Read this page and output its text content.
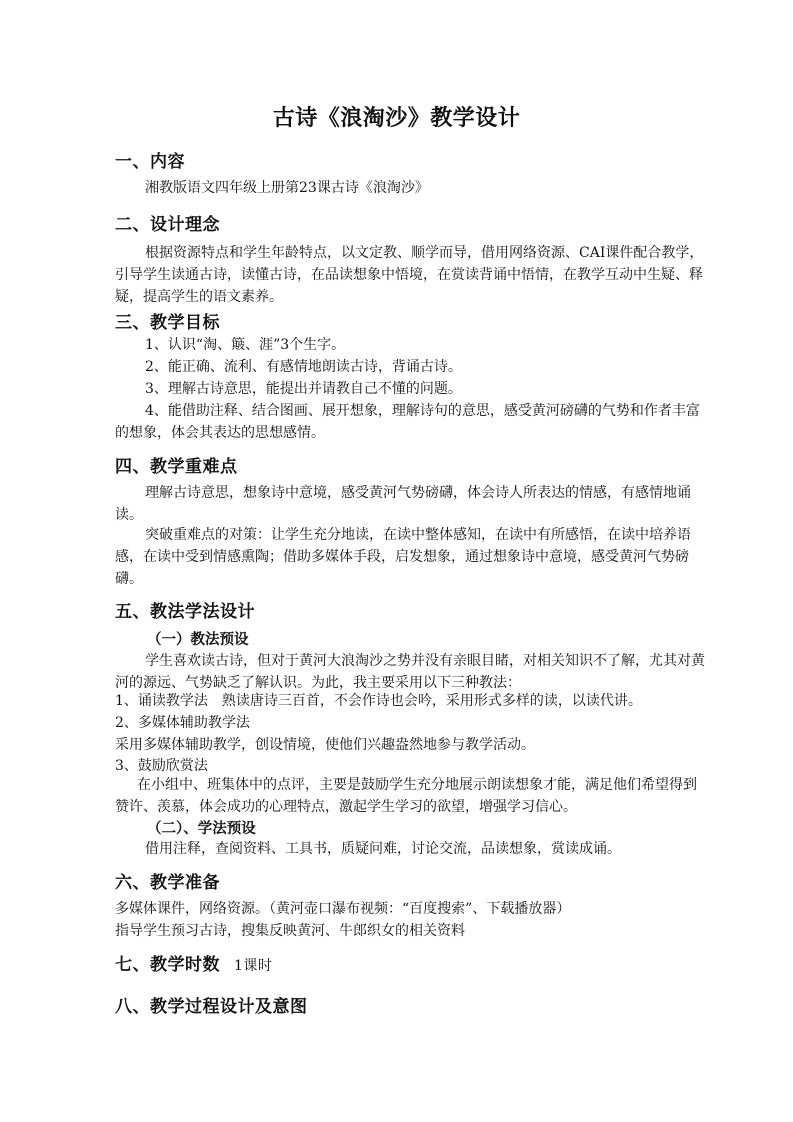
古诗《浪淘沙》教学设计
一、内容
湘教版语文四年级上册第23课古诗《浪淘沙》
二、设计理念
根据资源特点和学生年龄特点，以文定教、顺学而导，借用网络资源、CAI课件配合教学，引导学生读通古诗，读懂古诗，在品读想象中悟境，在赏读背诵中悟情，在教学互动中生疑、释疑，提高学生的语文素养。
三、教学目标
1、认识“淘、簸、涯”3个生字。
2、能正确、流利、有感情地朗读古诗，背诵古诗。
3、理解古诗意思，能提出并请教自己不懂的问题。
4、能借助注释、结合图画、展开想象，理解诗句的意思，感受黄河磅礴的气势和作者丰富的想象，体会其表达的思想感情。
四、教学重难点
理解古诗意思，想象诗中意境，感受黄河气势磅礴，体会诗人所表达的情感，有感情地诵读。
突破重难点的对策：让学生充分地读，在读中整体感知，在读中有所感悟，在读中培养语感，在读中受到情感熏陶；借助多媒体手段，启发想象，通过想象诗中意境，感受黄河气势磅礴。
五、教法学法设计
（一）教法预设
学生喜欢读古诗，但对于黄河大浪淘沙之势并没有亲眼目睹，对相关知识不了解，尤其对黄河的源远、气势缺乏了解认识。为此，我主要采用以下三种教法：
1、诵读教学法　熟读唐诗三百首，不会作诗也会吟，采用形式多样的读，以读代讲。
2、多媒体辅助教学法
采用多媒体辅助教学，创设情境，使他们兴趣盎然地参与教学活动。
3、鼓励欣赏法
在小组中、班集体中的点评，主要是鼓励学生充分地展示朗读想象才能，满足他们希望得到赞许、羡慕，体会成功的心理特点，激起学生学习的欲望，增强学习信心。
（二）、学法预设
借用注释，查阅资料、工具书，质疑问难，讨论交流，品读想象，赏读成诵。
六、教学准备
多媒体课件，网络资源。（黄河壶口瀑布视频：“百度搜索”、下载播放器）
指导学生预习古诗，搜集反映黄河、牛郎织女的相关资料
七、教学时数 1课时
八、教学过程设计及意图
